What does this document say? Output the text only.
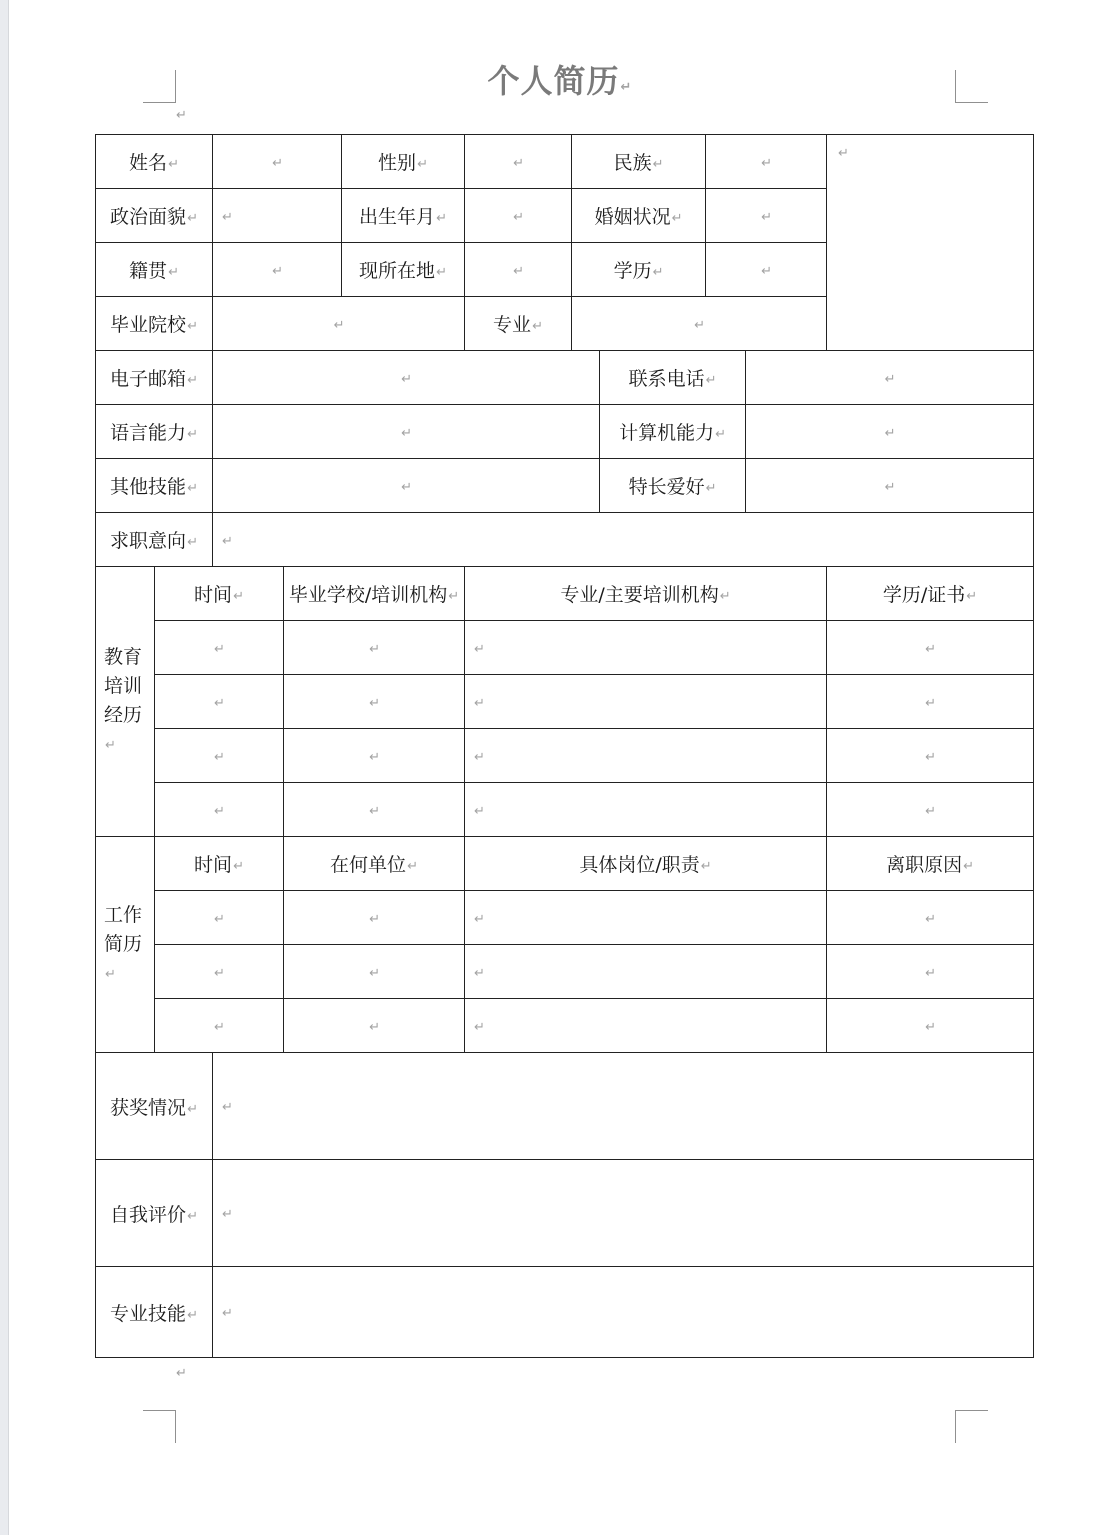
个人简历↵
↵
姓名↵		↵		性别↵	↵	民族↵		↵		↵
政治面貌↵		↵		出生年月↵	↵	婚姻状况↵		↵		
籍贯↵		↵		现所在地↵	↵	学历↵		↵		
毕业院校↵		↵			专业↵	↵				
电子邮箱↵		↵					联系电话↵		↵	
语言能力↵		↵					计算机能力↵		↵	
其他技能↵		↵					特长爱好↵		↵	
求职意向↵		↵								
教育培训经历↵	时间↵		毕业学校/培训机构↵		专业/主要培训机构↵					学历/证书↵
	↵		↵		↵					↵
	↵		↵		↵					↵
	↵		↵		↵					↵
	↵		↵		↵					↵
工作简历↵	时间↵		在何单位↵		具体岗位/职责↵					离职原因↵
	↵		↵		↵					↵
	↵		↵		↵					↵
	↵		↵		↵					↵
获奖情况↵		↵								
自我评价↵		↵								
专业技能↵		↵								
↵
